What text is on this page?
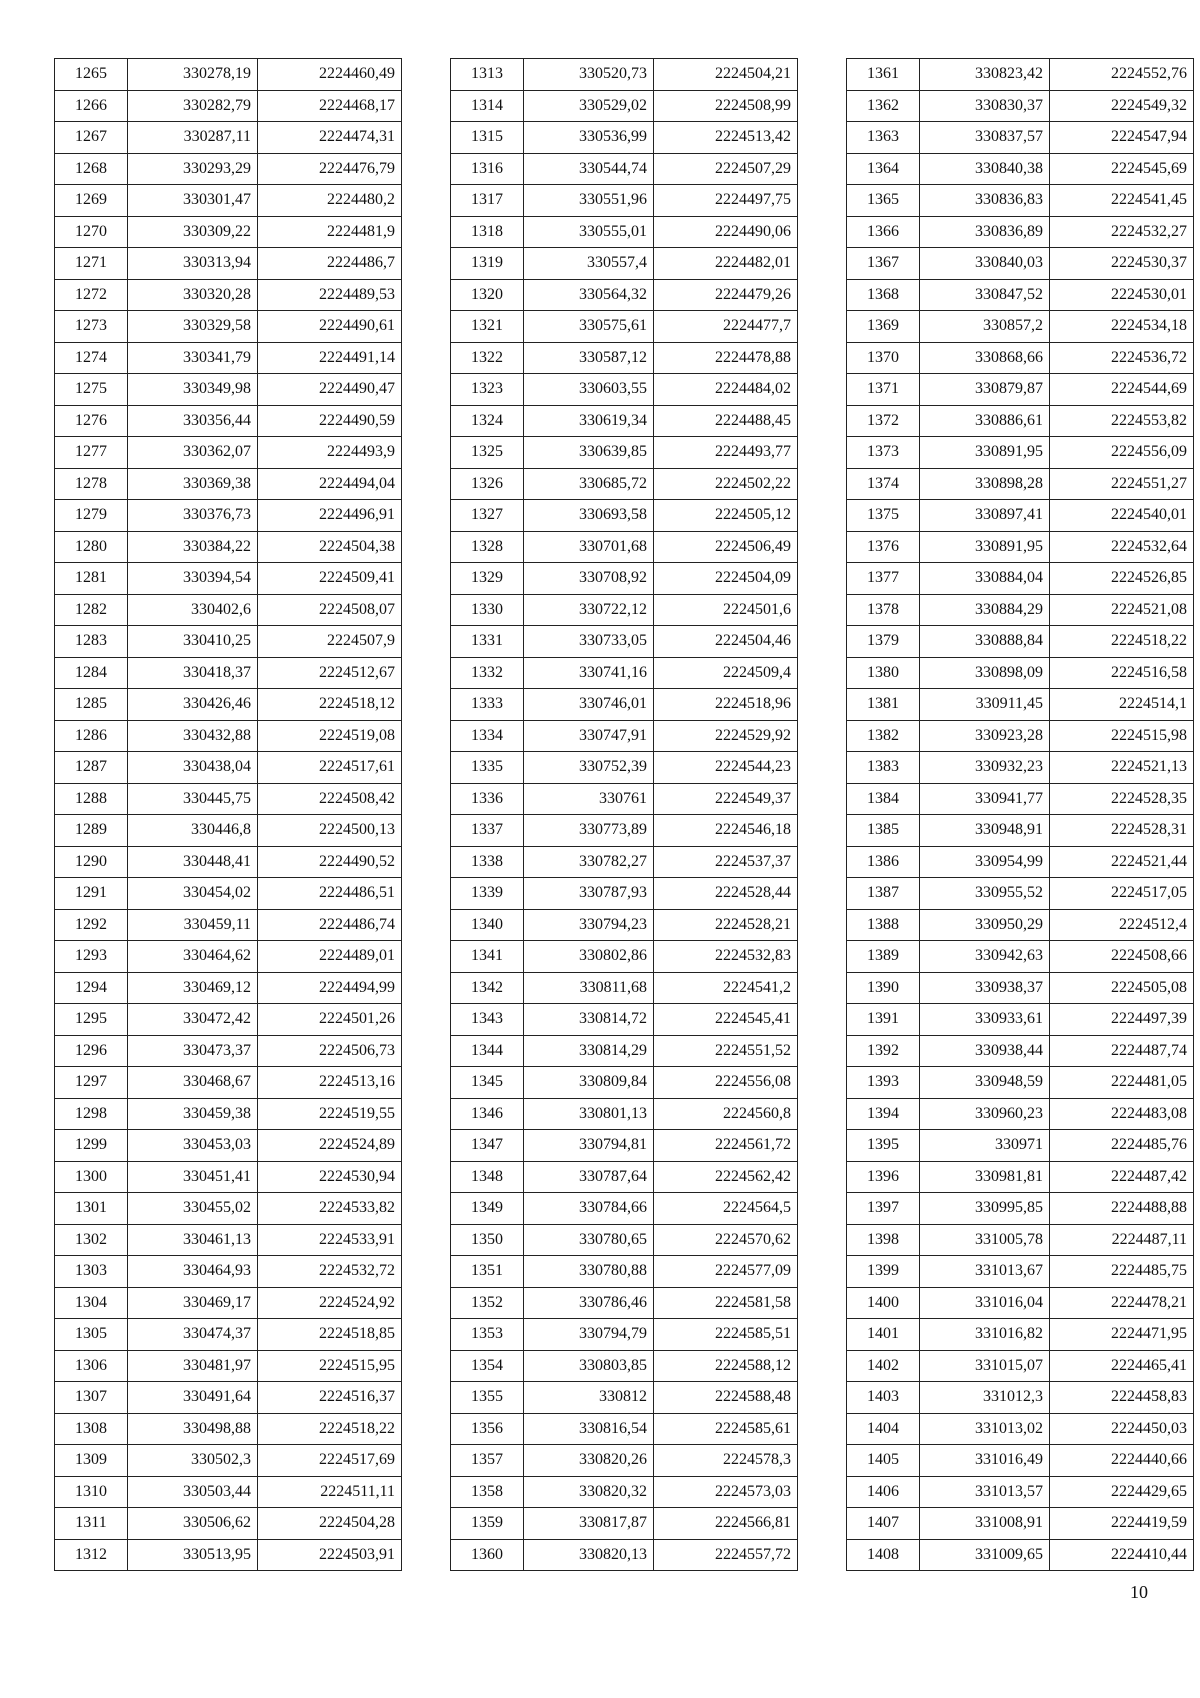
1265	330278,19	2224460,49
1266	330282,79	2224468,17
1267	330287,11	2224474,31
1268	330293,29	2224476,79
1269	330301,47	2224480,2
1270	330309,22	2224481,9
1271	330313,94	2224486,7
1272	330320,28	2224489,53
1273	330329,58	2224490,61
1274	330341,79	2224491,14
1275	330349,98	2224490,47
1276	330356,44	2224490,59
1277	330362,07	2224493,9
1278	330369,38	2224494,04
1279	330376,73	2224496,91
1280	330384,22	2224504,38
1281	330394,54	2224509,41
1282	330402,6	2224508,07
1283	330410,25	2224507,9
1284	330418,37	2224512,67
1285	330426,46	2224518,12
1286	330432,88	2224519,08
1287	330438,04	2224517,61
1288	330445,75	2224508,42
1289	330446,8	2224500,13
1290	330448,41	2224490,52
1291	330454,02	2224486,51
1292	330459,11	2224486,74
1293	330464,62	2224489,01
1294	330469,12	2224494,99
1295	330472,42	2224501,26
1296	330473,37	2224506,73
1297	330468,67	2224513,16
1298	330459,38	2224519,55
1299	330453,03	2224524,89
1300	330451,41	2224530,94
1301	330455,02	2224533,82
1302	330461,13	2224533,91
1303	330464,93	2224532,72
1304	330469,17	2224524,92
1305	330474,37	2224518,85
1306	330481,97	2224515,95
1307	330491,64	2224516,37
1308	330498,88	2224518,22
1309	330502,3	2224517,69
1310	330503,44	2224511,11
1311	330506,62	2224504,28
1312	330513,95	2224503,91
1313	330520,73	2224504,21
1314	330529,02	2224508,99
1315	330536,99	2224513,42
1316	330544,74	2224507,29
1317	330551,96	2224497,75
1318	330555,01	2224490,06
1319	330557,4	2224482,01
1320	330564,32	2224479,26
1321	330575,61	2224477,7
1322	330587,12	2224478,88
1323	330603,55	2224484,02
1324	330619,34	2224488,45
1325	330639,85	2224493,77
1326	330685,72	2224502,22
1327	330693,58	2224505,12
1328	330701,68	2224506,49
1329	330708,92	2224504,09
1330	330722,12	2224501,6
1331	330733,05	2224504,46
1332	330741,16	2224509,4
1333	330746,01	2224518,96
1334	330747,91	2224529,92
1335	330752,39	2224544,23
1336	330761	2224549,37
1337	330773,89	2224546,18
1338	330782,27	2224537,37
1339	330787,93	2224528,44
1340	330794,23	2224528,21
1341	330802,86	2224532,83
1342	330811,68	2224541,2
1343	330814,72	2224545,41
1344	330814,29	2224551,52
1345	330809,84	2224556,08
1346	330801,13	2224560,8
1347	330794,81	2224561,72
1348	330787,64	2224562,42
1349	330784,66	2224564,5
1350	330780,65	2224570,62
1351	330780,88	2224577,09
1352	330786,46	2224581,58
1353	330794,79	2224585,51
1354	330803,85	2224588,12
1355	330812	2224588,48
1356	330816,54	2224585,61
1357	330820,26	2224578,3
1358	330820,32	2224573,03
1359	330817,87	2224566,81
1360	330820,13	2224557,72
1361	330823,42	2224552,76
1362	330830,37	2224549,32
1363	330837,57	2224547,94
1364	330840,38	2224545,69
1365	330836,83	2224541,45
1366	330836,89	2224532,27
1367	330840,03	2224530,37
1368	330847,52	2224530,01
1369	330857,2	2224534,18
1370	330868,66	2224536,72
1371	330879,87	2224544,69
1372	330886,61	2224553,82
1373	330891,95	2224556,09
1374	330898,28	2224551,27
1375	330897,41	2224540,01
1376	330891,95	2224532,64
1377	330884,04	2224526,85
1378	330884,29	2224521,08
1379	330888,84	2224518,22
1380	330898,09	2224516,58
1381	330911,45	2224514,1
1382	330923,28	2224515,98
1383	330932,23	2224521,13
1384	330941,77	2224528,35
1385	330948,91	2224528,31
1386	330954,99	2224521,44
1387	330955,52	2224517,05
1388	330950,29	2224512,4
1389	330942,63	2224508,66
1390	330938,37	2224505,08
1391	330933,61	2224497,39
1392	330938,44	2224487,74
1393	330948,59	2224481,05
1394	330960,23	2224483,08
1395	330971	2224485,76
1396	330981,81	2224487,42
1397	330995,85	2224488,88
1398	331005,78	2224487,11
1399	331013,67	2224485,75
1400	331016,04	2224478,21
1401	331016,82	2224471,95
1402	331015,07	2224465,41
1403	331012,3	2224458,83
1404	331013,02	2224450,03
1405	331016,49	2224440,66
1406	331013,57	2224429,65
1407	331008,91	2224419,59
1408	331009,65	2224410,44
10
